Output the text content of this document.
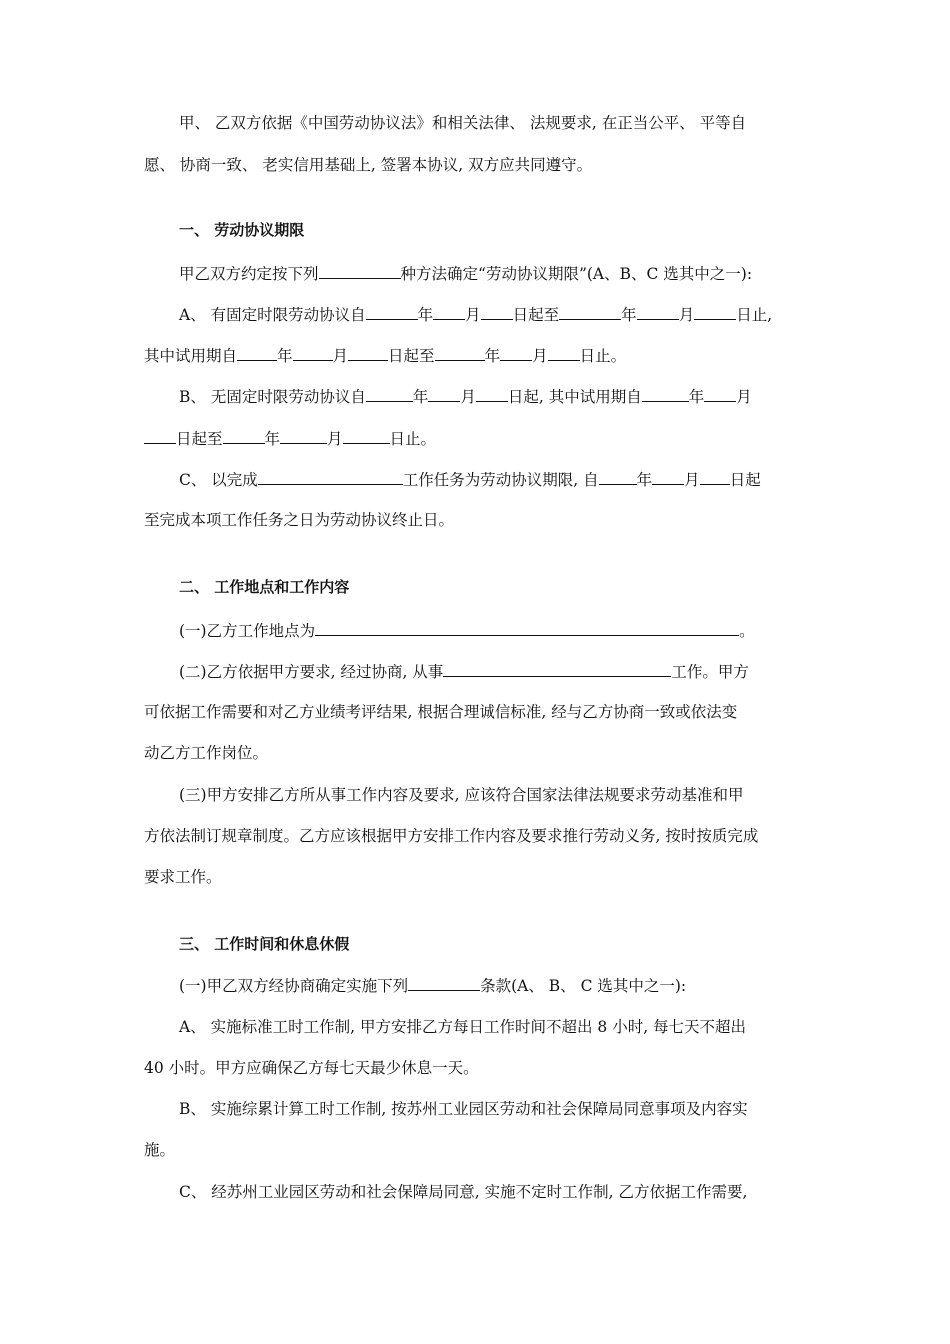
甲、 乙双方依据《中国劳动协议法》和相关法律、 法规要求, 在正当公平、 平等自
愿、 协商一致、 老实信用基础上, 签署本协议, 双方应共同遵守。
一、 劳动协议期限
甲乙双方约定按下列	种方法确定“劳动协议期限”(A、B、C 选其中之一):
A、 有固定时限劳动协议自	年 月 日起至	年	月	日止,
其中试用期自	年	月	日起至	年 月 日止。
B、 无固定时限劳动协议自	年 月 日起, 其中试用期自	年 月
日起至	年	月	日止。
C、 以完成	工作任务为劳动协议期限, 自 年 月 日起
至完成本项工作任务之日为劳动协议终止日。
二、 工作地点和工作内容
(一)乙方工作地点为	。
(二)乙方依据甲方要求, 经过协商, 从事	工作。甲方
可依据工作需要和对乙方业绩考评结果, 根据合理诚信标准, 经与乙方协商一致或依法变
动乙方工作岗位。
(三)甲方安排乙方所从事工作内容及要求, 应该符合国家法律法规要求劳动基准和甲
方依法制订规章制度。乙方应该根据甲方安排工作内容及要求推行劳动义务, 按时按质完成
要求工作。
三、 工作时间和休息休假
(一)甲乙双方经协商确定实施下列	条款(A、 B、 C 选其中之一):
A、 实施标准工时工作制, 甲方安排乙方每日工作时间不超出 8 小时, 每七天不超出
40 小时。甲方应确保乙方每七天最少休息一天。
B、 实施综累计算工时工作制, 按苏州工业园区劳动和社会保障局同意事项及内容实
施。
C、 经苏州工业园区劳动和社会保障局同意, 实施不定时工作制, 乙方依据工作需要,
